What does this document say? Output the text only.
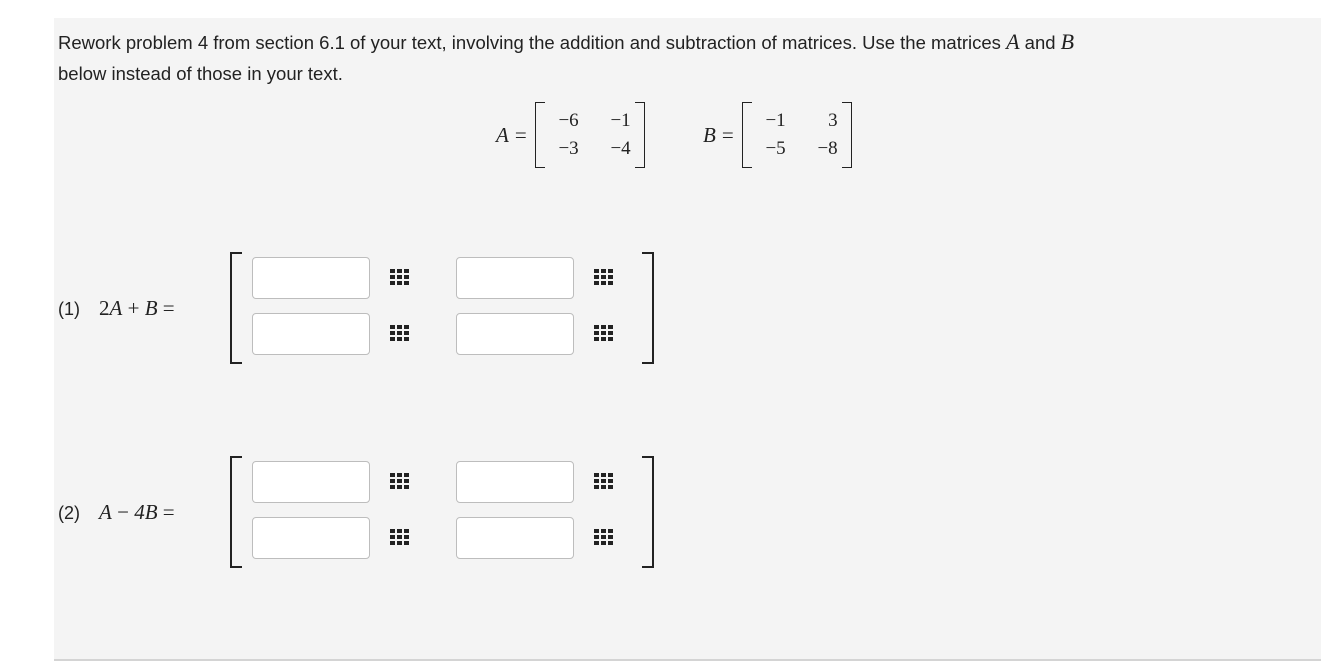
Rework problem 4 from section 6.1 of your text, involving the addition and subtraction of matrices. Use the matrices A and B
below instead of those in your text.
A =
−6	−1
−3	−4
B =
−1	3
−5	−8
(1) 2A + B =
(2) A − 4B =
